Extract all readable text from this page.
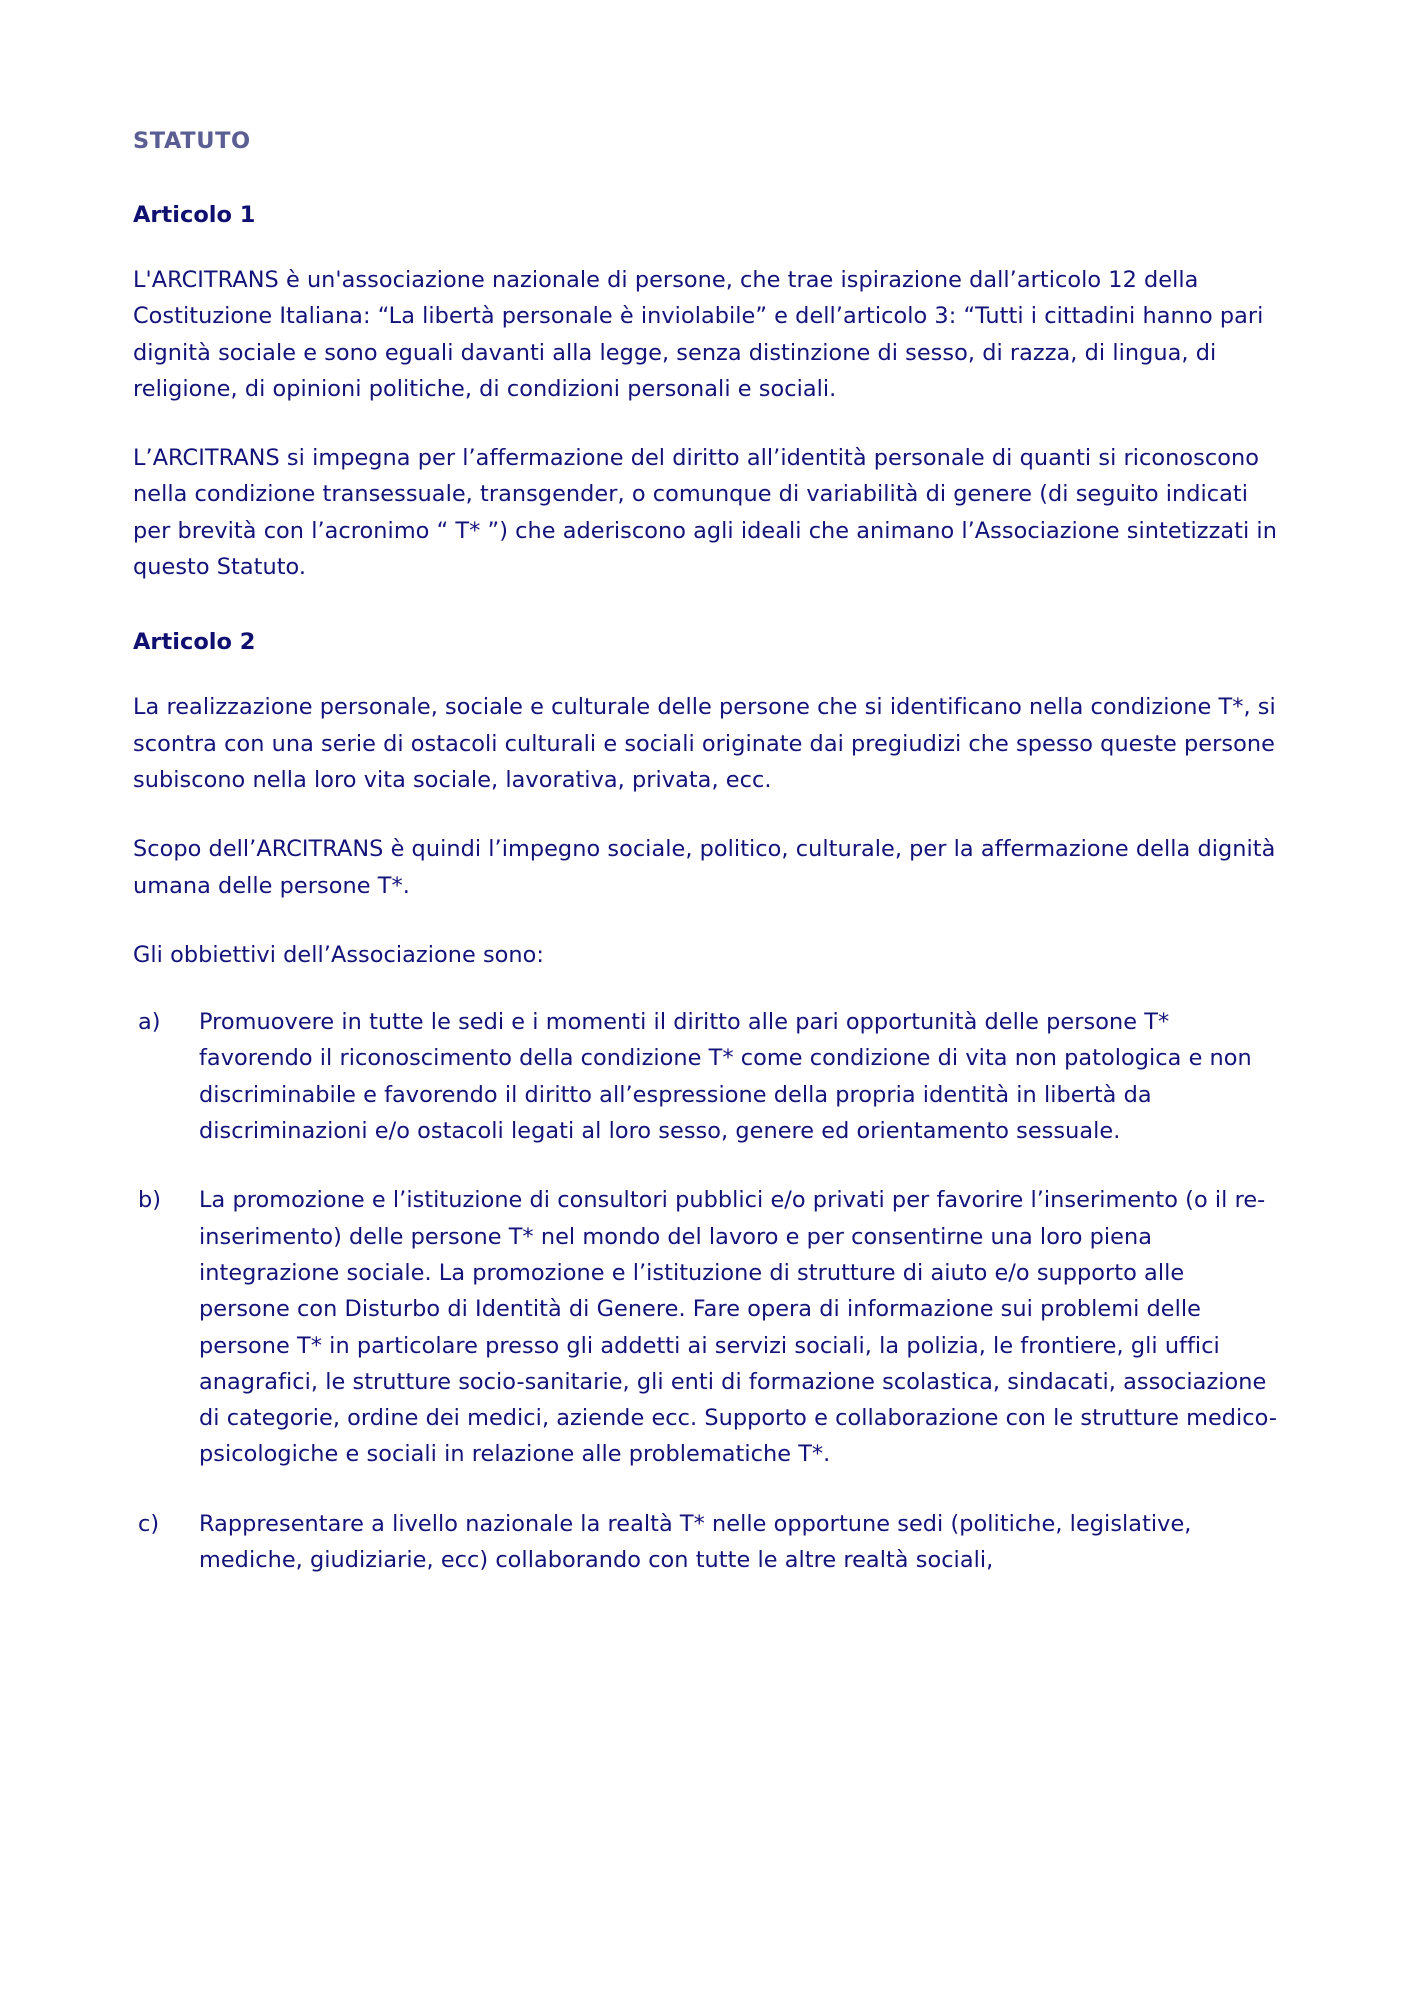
STATUTO
Articolo 1

L'ARCITRANS è un'associazione nazionale di persone, che trae ispirazione dall’articolo 12 della Costituzione Italiana: “La libertà personale è inviolabile” e dell’articolo 3: “Tutti i cittadini hanno pari dignità sociale e sono eguali davanti alla legge, senza distinzione di sesso, di razza, di lingua, di religione, di opinioni politiche, di condizioni personali e sociali.

L’ARCITRANS si impegna per l’affermazione del diritto all’identità personale di quanti si riconoscono nella condizione transessuale, transgender, o comunque di variabilità di genere (di seguito indicati per brevità con l’acronimo “ T* ”) che aderiscono agli ideali che animano l’Associazione sintetizzati in questo Statuto.

Articolo 2

La realizzazione personale, sociale e culturale delle persone che si identificano nella condizione T*, si scontra con una serie di ostacoli culturali e sociali originate dai pregiudizi che spesso queste persone subiscono nella loro vita sociale, lavorativa, privata, ecc.

Scopo dell’ARCITRANS è quindi l’impegno sociale, politico, culturale, per la affermazione della dignità umana delle persone T*.

Gli obbiettivi dell’Associazione sono:

a) Promuovere in tutte le sedi e i momenti il diritto alle pari opportunità delle persone T* favorendo il riconoscimento della condizione T* come condizione di vita non patologica e non discriminabile e favorendo il diritto all’espressione della propria identità in libertà da discriminazioni e/o ostacoli legati al loro sesso, genere ed orientamento sessuale.
b) La promozione e l’istituzione di consultori pubblici e/o privati per favorire l’inserimento (o il re-inserimento) delle persone T* nel mondo del lavoro e per consentirne una loro piena integrazione sociale. La promozione e l’istituzione di strutture di aiuto e/o supporto alle persone con Disturbo di Identità di Genere. Fare opera di informazione sui problemi delle persone T* in particolare presso gli addetti ai servizi sociali, la polizia, le frontiere, gli uffici anagrafici, le strutture socio-sanitarie, gli enti di formazione scolastica, sindacati, associazione di categorie, ordine dei medici, aziende ecc. Supporto e collaborazione con le strutture medico-psicologiche e sociali in relazione alle problematiche T*.
c) Rappresentare a livello nazionale la realtà T* nelle opportune sedi (politiche, legislative, mediche, giudiziarie, ecc) collaborando con tutte le altre realtà sociali,
